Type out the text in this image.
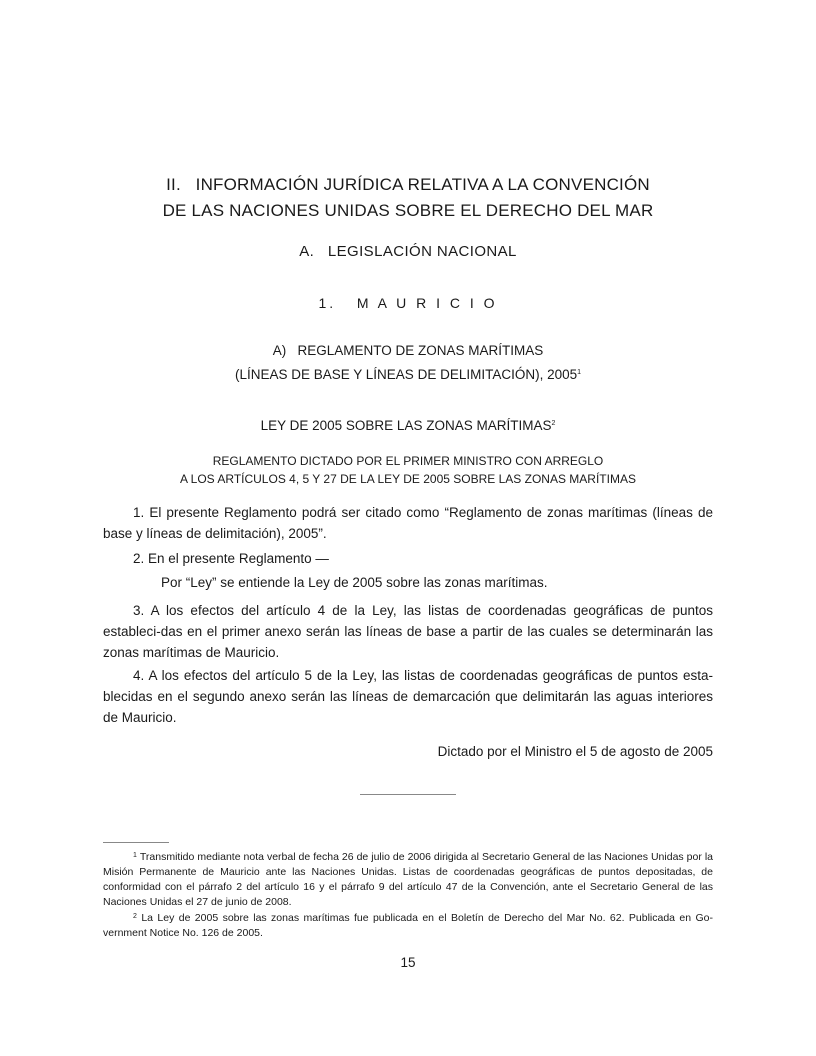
II.   INFORMACIÓN JURÍDICA RELATIVA A LA CONVENCIÓN
DE LAS NACIONES UNIDAS SOBRE EL DERECHO DEL MAR
A.   LEGISLACIÓN NACIONAL
1.   M A U R I C I O
A)   REGLAMENTO DE ZONAS MARÍTIMAS
(LÍNEAS DE BASE Y LÍNEAS DE DELIMITACIÓN), 2005$^1$
LEY DE 2005 SOBRE LAS ZONAS MARÍTIMAS$^2$
REGLAMENTO DICTADO POR EL PRIMER MINISTRO CON ARREGLO
A LOS ARTÍCULOS 4, 5 Y 27 DE LA LEY DE 2005 SOBRE LAS ZONAS MARÍTIMAS
1. El presente Reglamento podrá ser citado como “Reglamento de zonas marítimas (líneas de base y líneas de delimitación), 2005”.
2. En el presente Reglamento —
Por “Ley” se entiende la Ley de 2005 sobre las zonas marítimas.
3. A los efectos del artículo 4 de la Ley, las listas de coordenadas geográficas de puntos estableci-das en el primer anexo serán las líneas de base a partir de las cuales se determinarán las zonas marítimas de Mauricio.
4. A los efectos del artículo 5 de la Ley, las listas de coordenadas geográficas de puntos esta-blecidas en el segundo anexo serán las líneas de demarcación que delimitarán las aguas interiores de Mauricio.
Dictado por el Ministro el 5 de agosto de 2005
$^1$ Transmitido mediante nota verbal de fecha 26 de julio de 2006 dirigida al Secretario General de las Naciones Unidas por la Misión Permanente de Mauricio ante las Naciones Unidas. Listas de coordenadas geográficas de puntos depositadas, de conformidad con el párrafo 2 del artículo 16 y el párrafo 9 del artículo 47 de la Convención, ante el Secretario General de las Naciones Unidas el 27 de junio de 2008.
$^2$ La Ley de 2005 sobre las zonas marítimas fue publicada en el Boletín de Derecho del Mar No. 62. Publicada en Go-vernment Notice No. 126 de 2005.
15
